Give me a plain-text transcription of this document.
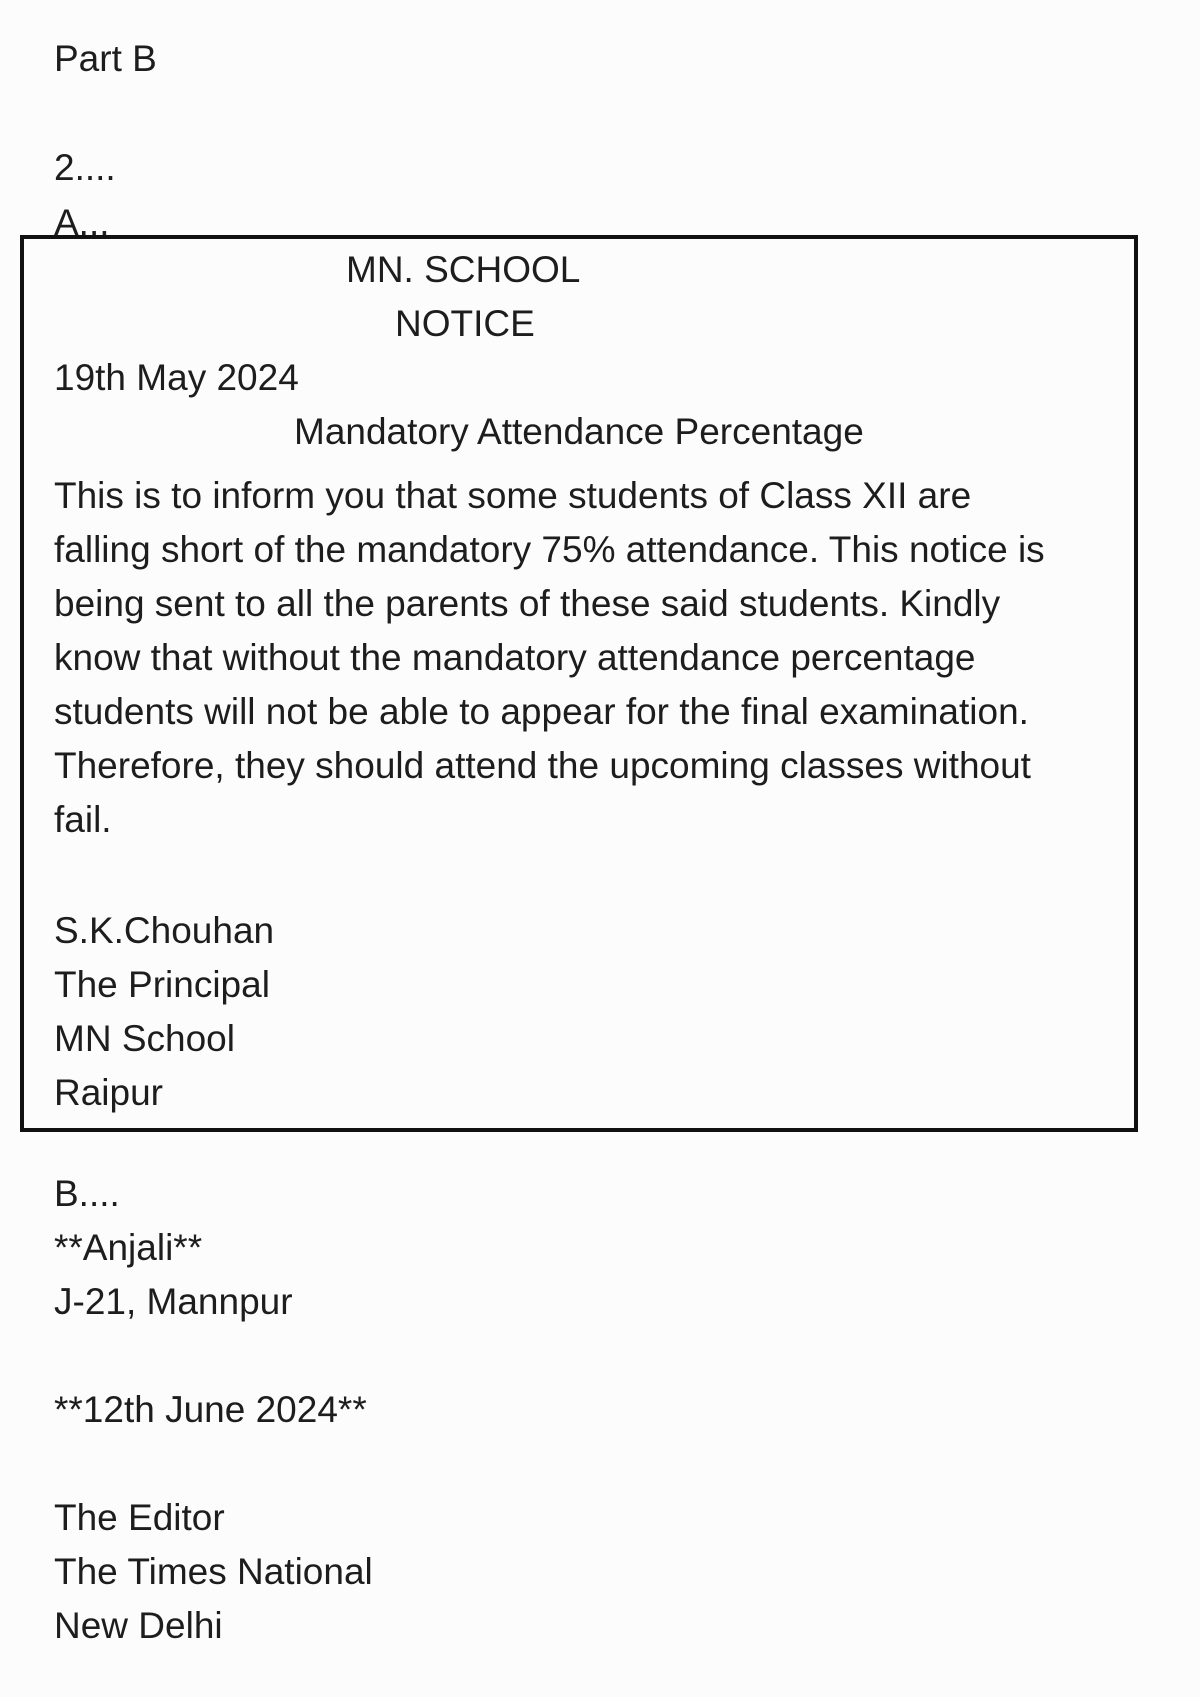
Part B

2....

A...

MN. SCHOOL

NOTICE

19th May 2024

Mandatory Attendance Percentage

This is to inform you that some students of Class XII are
falling short of the mandatory 75% attendance. This notice is
being sent to all the parents of these said students. Kindly
know that without the mandatory attendance percentage
students will not be able to appear for the final examination.
Therefore, they should attend the upcoming classes without
fail.

S.K.Chouhan

The Principal

MN School

Raipur

B....

**Anjali**

J-21, Mannpur

**12th June 2024**

The Editor

The Times National

New Delhi
